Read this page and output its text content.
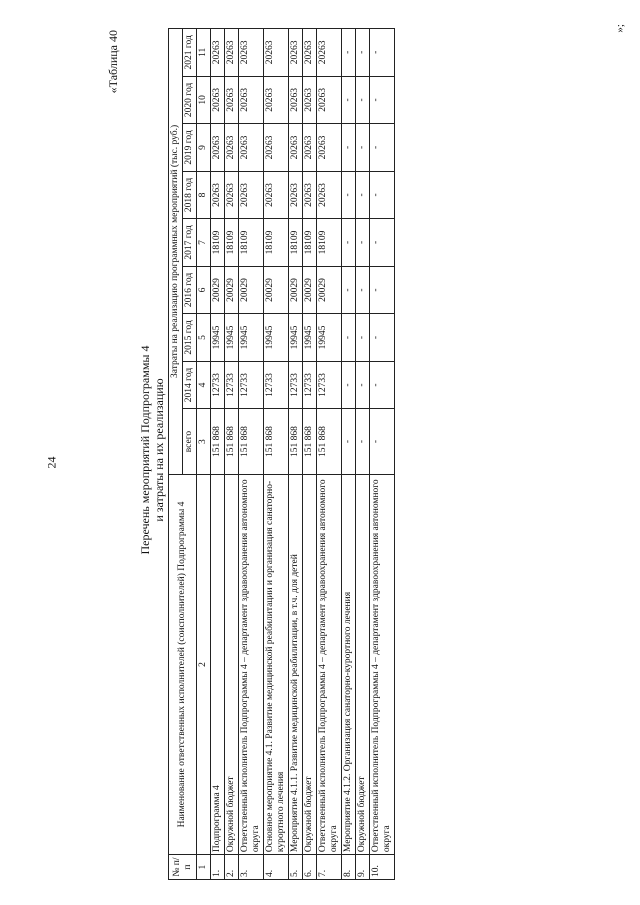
24
«Таблица 40
Перечень мероприятий Подпрограммы 4 и затраты на их реализацию
№ п/п	Наименование ответственных исполнителей (соисполнителей) Подпрограммы 4	Затраты на реализацию программных мероприятий (тыс. руб.)								
		всего	2014 год	2015 год	2016 год	2017 год	2018 год	2019 год	2020 год	2021 год
1	2	3	4	5	6	7	8	9	10	11
1.	Подпрограмма 4	151 868	12733	19945	20029	18109	20263	20263	20263	20263
2.	Окружной бюджет	151 868	12733	19945	20029	18109	20263	20263	20263	20263
3.	Ответственный исполнитель Подпрограммы 4 – департамент здравоохранения автономного округа	151 868	12733	19945	20029	18109	20263	20263	20263	20263
4.	Основное мероприятие 4.1. Развитие медицинской реабилитации и организация санаторно-курортного лечения	151 868	12733	19945	20029	18109	20263	20263	20263	20263
5.	Мероприятие 4.1.1. Развитие медицинской реабилитации, в т.ч. для детей	151 868	12733	19945	20029	18109	20263	20263	20263	20263
6.	Окружной бюджет	151 868	12733	19945	20029	18109	20263	20263	20263	20263
7.	Ответственный исполнитель Подпрограммы 4 – департамент здравоохранения автономного округа	151 868	12733	19945	20029	18109	20263	20263	20263	20263
8.	Мероприятие 4.1.2. Организация санаторно-курортного лечения	-	-	-	-	-	-	-	-	-
9.	Окружной бюджет	-	-	-	-	-	-	-	-	-
10.	Ответственный исполнитель Подпрограммы 4 – департамент здравоохранения автономного округа	-	-	-	-	-	-	-	-	-
»;
